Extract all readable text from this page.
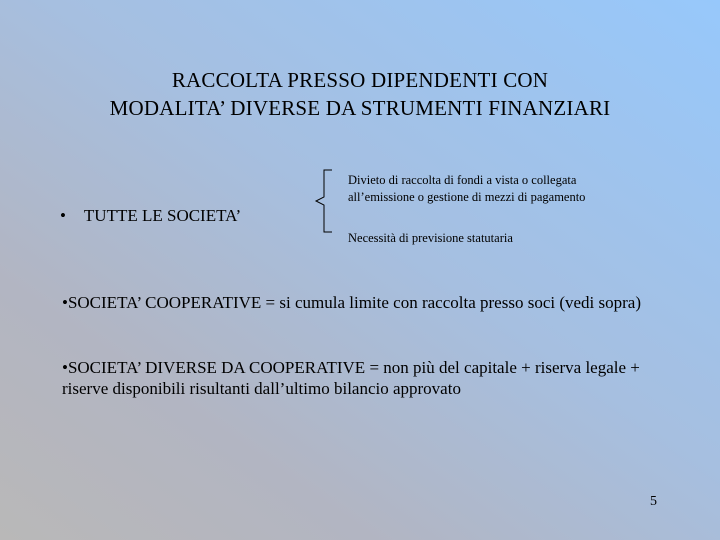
RACCOLTA PRESSO DIPENDENTI CON
MODALITA’ DIVERSE DA STRUMENTI FINANZIARI
• TUTTE LE SOCIETA’
Divieto di raccolta di fondi a vista o collegata
all’emissione o gestione di mezzi di pagamento
Necessità di previsione statutaria
•SOCIETA’ COOPERATIVE = si cumula limite con raccolta presso soci (vedi sopra)
•SOCIETA’ DIVERSE DA COOPERATIVE = non più del capitale + riserva legale + riserve disponibili risultanti dall’ultimo bilancio approvato
5
